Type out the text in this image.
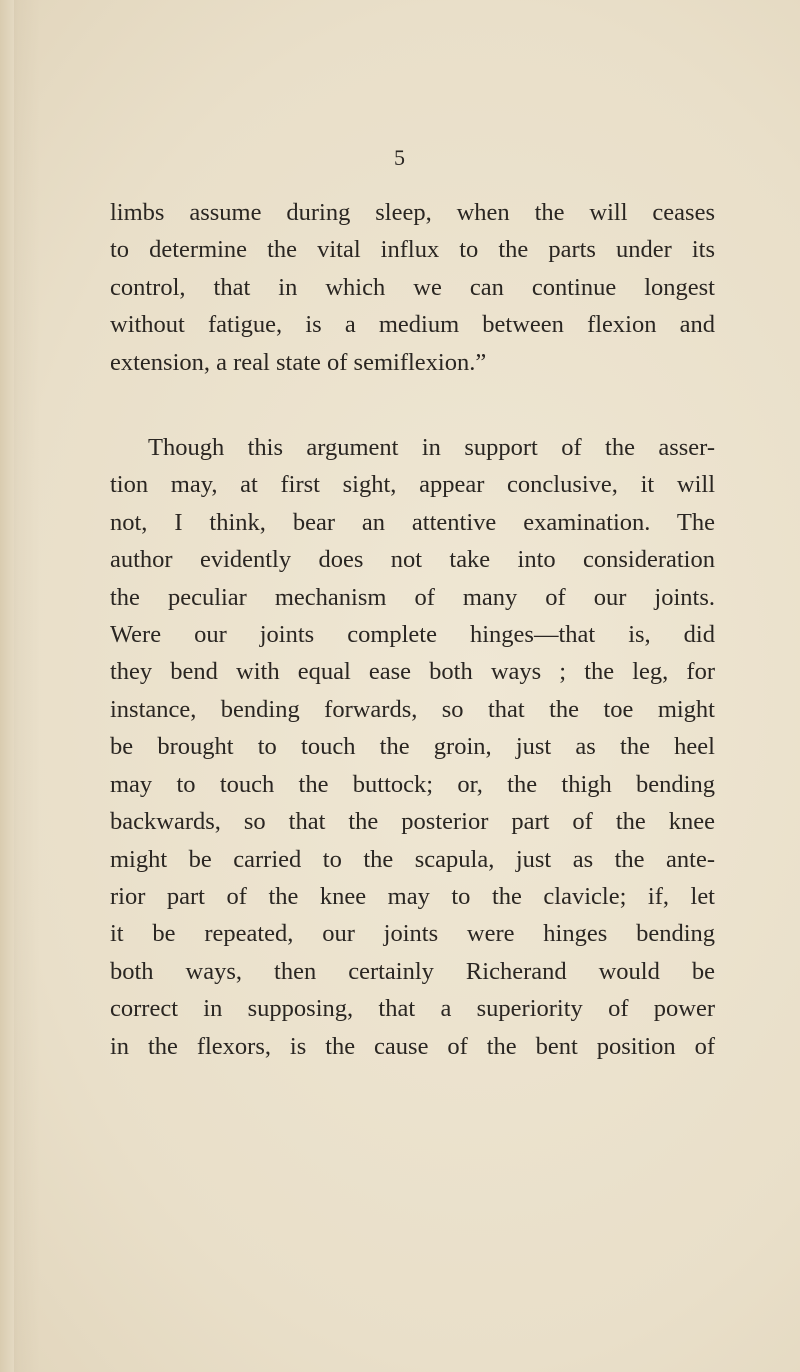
5
limbs assume during sleep, when the will ceases
to determine the vital influx to the parts under its
control, that in which we can continue longest
without fatigue, is a medium between flexion and
extension, a real state of semiflexion.”
Though this argument in support of the asser-
tion may, at first sight, appear conclusive, it will
not, I think, bear an attentive examination. The
author evidently does not take into consideration
the peculiar mechanism of many of our joints.
Were our joints complete hinges—that is, did
they bend with equal ease both ways ; the leg, for
instance, bending forwards, so that the toe might
be brought to touch the groin, just as the heel
may to touch the buttock; or, the thigh bending
backwards, so that the posterior part of the knee
might be carried to the scapula, just as the ante-
rior part of the knee may to the clavicle; if, let
it be repeated, our joints were hinges bending
both ways, then certainly Richerand would be
correct in supposing, that a superiority of power
in the flexors, is the cause of the bent position of
